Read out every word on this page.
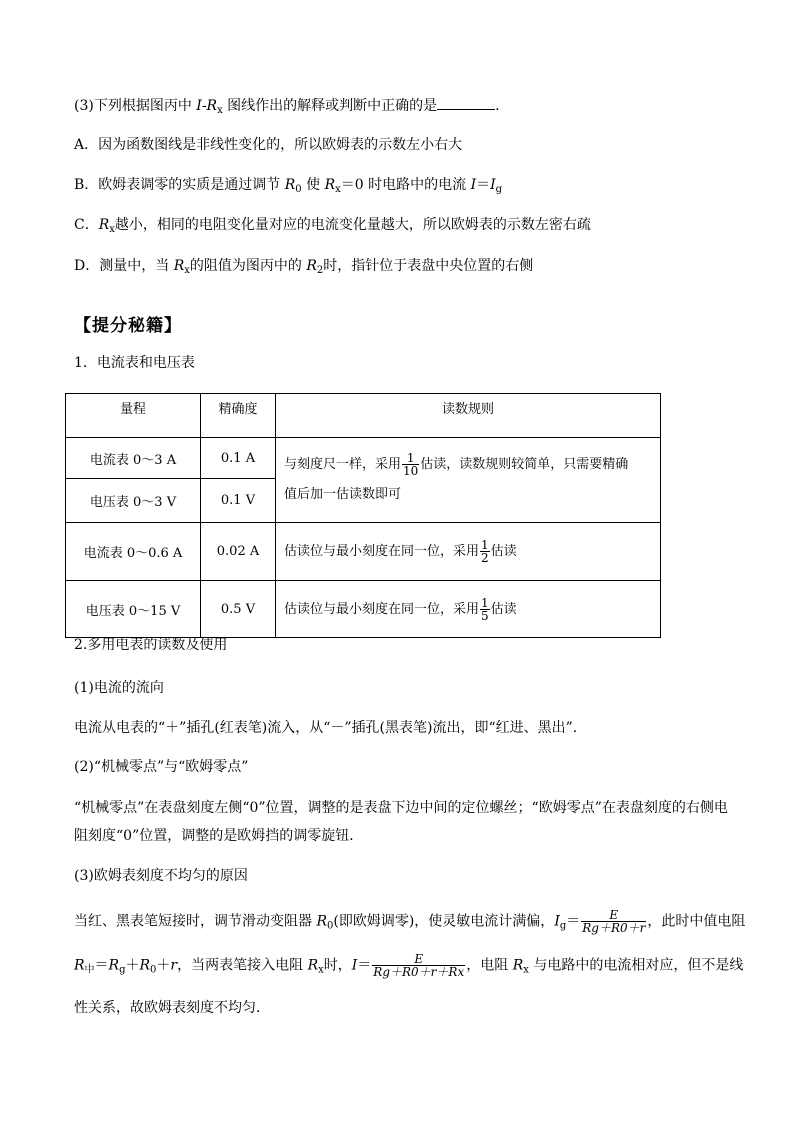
(3)下列根据图丙中 $I-R_x$ 图线作出的解释或判断中正确的是	．
A．因为函数图线是非线性变化的，所以欧姆表的示数左小右大
B．欧姆表调零的实质是通过调节 $R_0$ 使 $R_x=0$ 时电路中的电流 $I=I_g$
C．$R_x$越小，相同的电阻变化量对应的电流变化量越大，所以欧姆表的示数左密右疏
D．测量中，当 $R_x$的阻值为图丙中的 $R_2$时，指针位于表盘中央位置的右侧
【提分秘籍】
1．电流表和电压表
量程	精确度	读数规则
电流表 0～3 A	0.1 A	与刻度尺一样，采用 $\frac{1}{10}$ 估读，读数规则较简单，只需要精确
值后加一估读数即可

电压表 0～3 V	0.1 V	
电流表 0～0.6 A	0.02 A	估读位与最小刻度在同一位，采用 $\frac{1}{2}$ 估读
电压表 0～15 V	0.5 V	估读位与最小刻度在同一位，采用 $\frac{1}{5}$ 估读
2.多用电表的读数及使用
(1)电流的流向
电流从电表的“＋”插孔(红表笔)流入，从“－”插孔(黑表笔)流出，即“红进、黑出”．
(2)“机械零点”与“欧姆零点”
“机械零点”在表盘刻度左侧“0”位置，调整的是表盘下边中间的定位螺丝；“欧姆零点”在表盘刻度的右侧电
阻刻度“0”位置，调整的是欧姆挡的调零旋钮．
(3)欧姆表刻度不均匀的原因
当红、黑表笔短接时，调节滑动变阻器 $R_0$(即欧姆调零)，使灵敏电流计满偏，$I_g= \frac{E}{Rg+R0+r}$ ，此时中值电阻
$R_中=R_g+R_0+r$，当两表笔接入电阻 $R_x$时，$I= \frac{E}{Rg+R0+r+Rx}$ ，电阻 $R_x$ 与电路中的电流相对应，但不是线
性关系，故欧姆表刻度不均匀．
